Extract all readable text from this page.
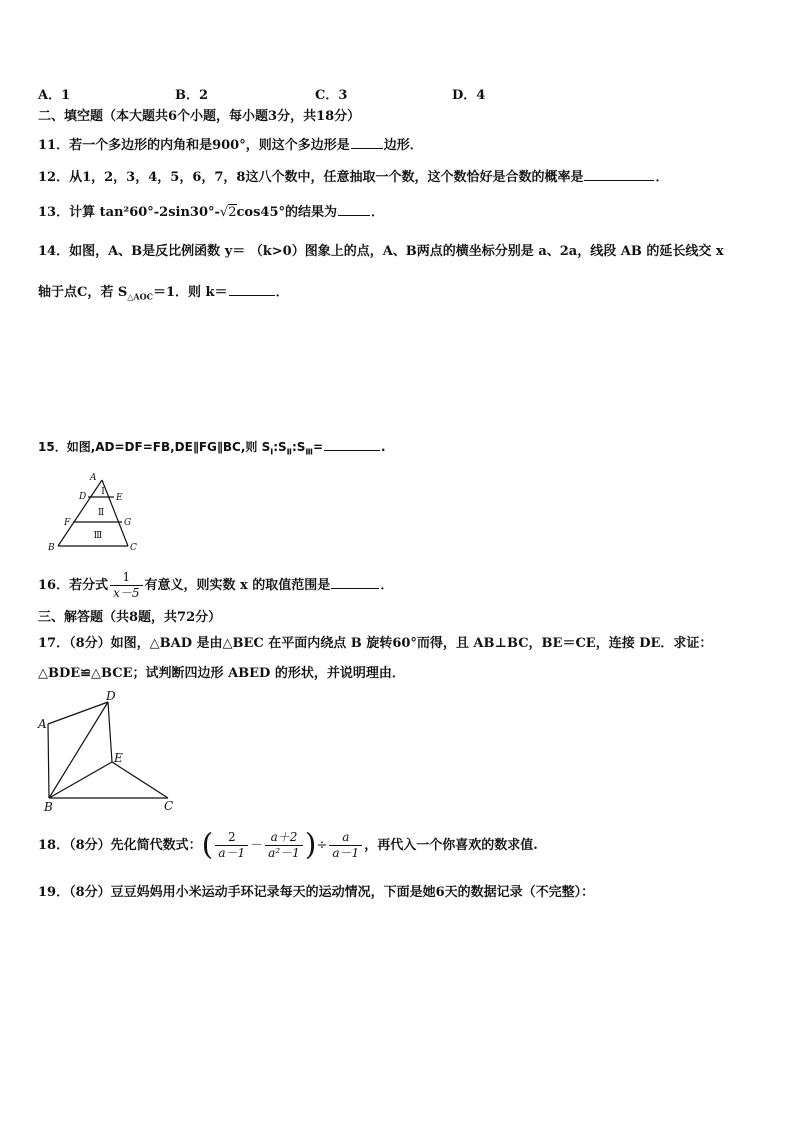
A．1	B．2	C．3	D．4
二、填空题（本大题共6个小题，每小题3分，共18分）
11．若一个多边形的内角和是900°，则这个多边形是	边形．
12．从1，2，3，4，5，6，7，8这八个数中，任意抽取一个数，这个数恰好是合数的概率是	．
13．计算 tan²60°-2sin30°-√2cos45°的结果为	．
14．如图，A、B是反比例函数 y＝ （k>0）图象上的点，A、B两点的横坐标分别是 a、2a，线段 AB 的延长线交 x
轴于点C，若 $S_{\triangle AOC}=1$．则 k＝	．
15．如图,AD=DF=FB,DE∥FG∥BC,则 $S_Ⅰ:S_Ⅱ:S_Ⅲ=$	.
A
D	E
F	G
B	C
Ⅰ
Ⅱ
Ⅲ
16．若分式 $\frac{1}{x-5}$ 有意义，则实数 x 的取值范围是	．
三、解答题（共8题，共72分）
17．（8分）如图，△BAD 是由△BEC 在平面内绕点 B 旋转60°而得，且 AB⊥BC，BE＝CE，连接 DE．求证：
△BDE≌△BCE；试判断四边形 ABED 的形状，并说明理由．
A
D
E
B	C
18．（8分）先化简代数式：( $\frac{2}{a-1} - \frac{a+2}{\text{a²－1}}$ )÷ $\frac{a}{a-1}$ ，再代入一个你喜欢的数求值.
19．（8分）豆豆妈妈用小米运动手环记录每天的运动情况，下面是她6天的数据记录（不完整）：
